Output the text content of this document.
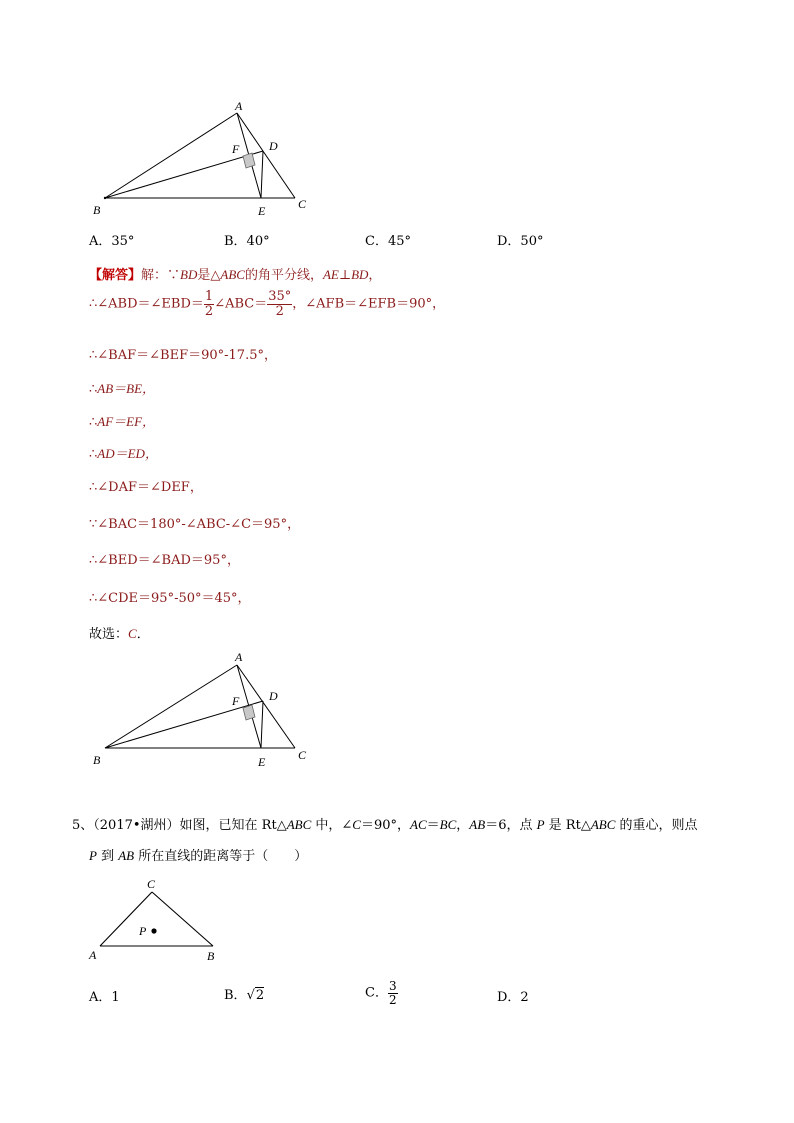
A
B	C
D
E
F
A．35°	B．40°	C．45°	D．50°
【解答】解：∵BD是△ABC的角平分线，AE⊥BD，
∴∠ABD＝∠EBD＝ $\frac{1}{2}$ ∠ABC＝ $\frac{35^\circ}{2}$ ，∠AFB＝∠EFB＝90°，
∴∠BAF＝∠BEF＝90°-17.5°，
∴AB＝BE，
∴AF＝EF，
∴AD＝ED，
∴∠DAF＝∠DEF，
∵∠BAC＝180°-∠ABC-∠C＝95°，
∴∠BED＝∠BAD＝95°，
∴∠CDE＝95°-50°＝45°，
故选：C．
A
B	C
D
E
F
5、（2017•湖州）如图，已知在 Rt△ABC 中，∠C＝90°，AC＝BC，AB＝6，点 P 是 Rt△ABC 的重心，则点
P 到 AB 所在直线的距离等于（　　）
C
A	B
P
A．1	B．√2	C． $\frac{3}{2}$	D．2
